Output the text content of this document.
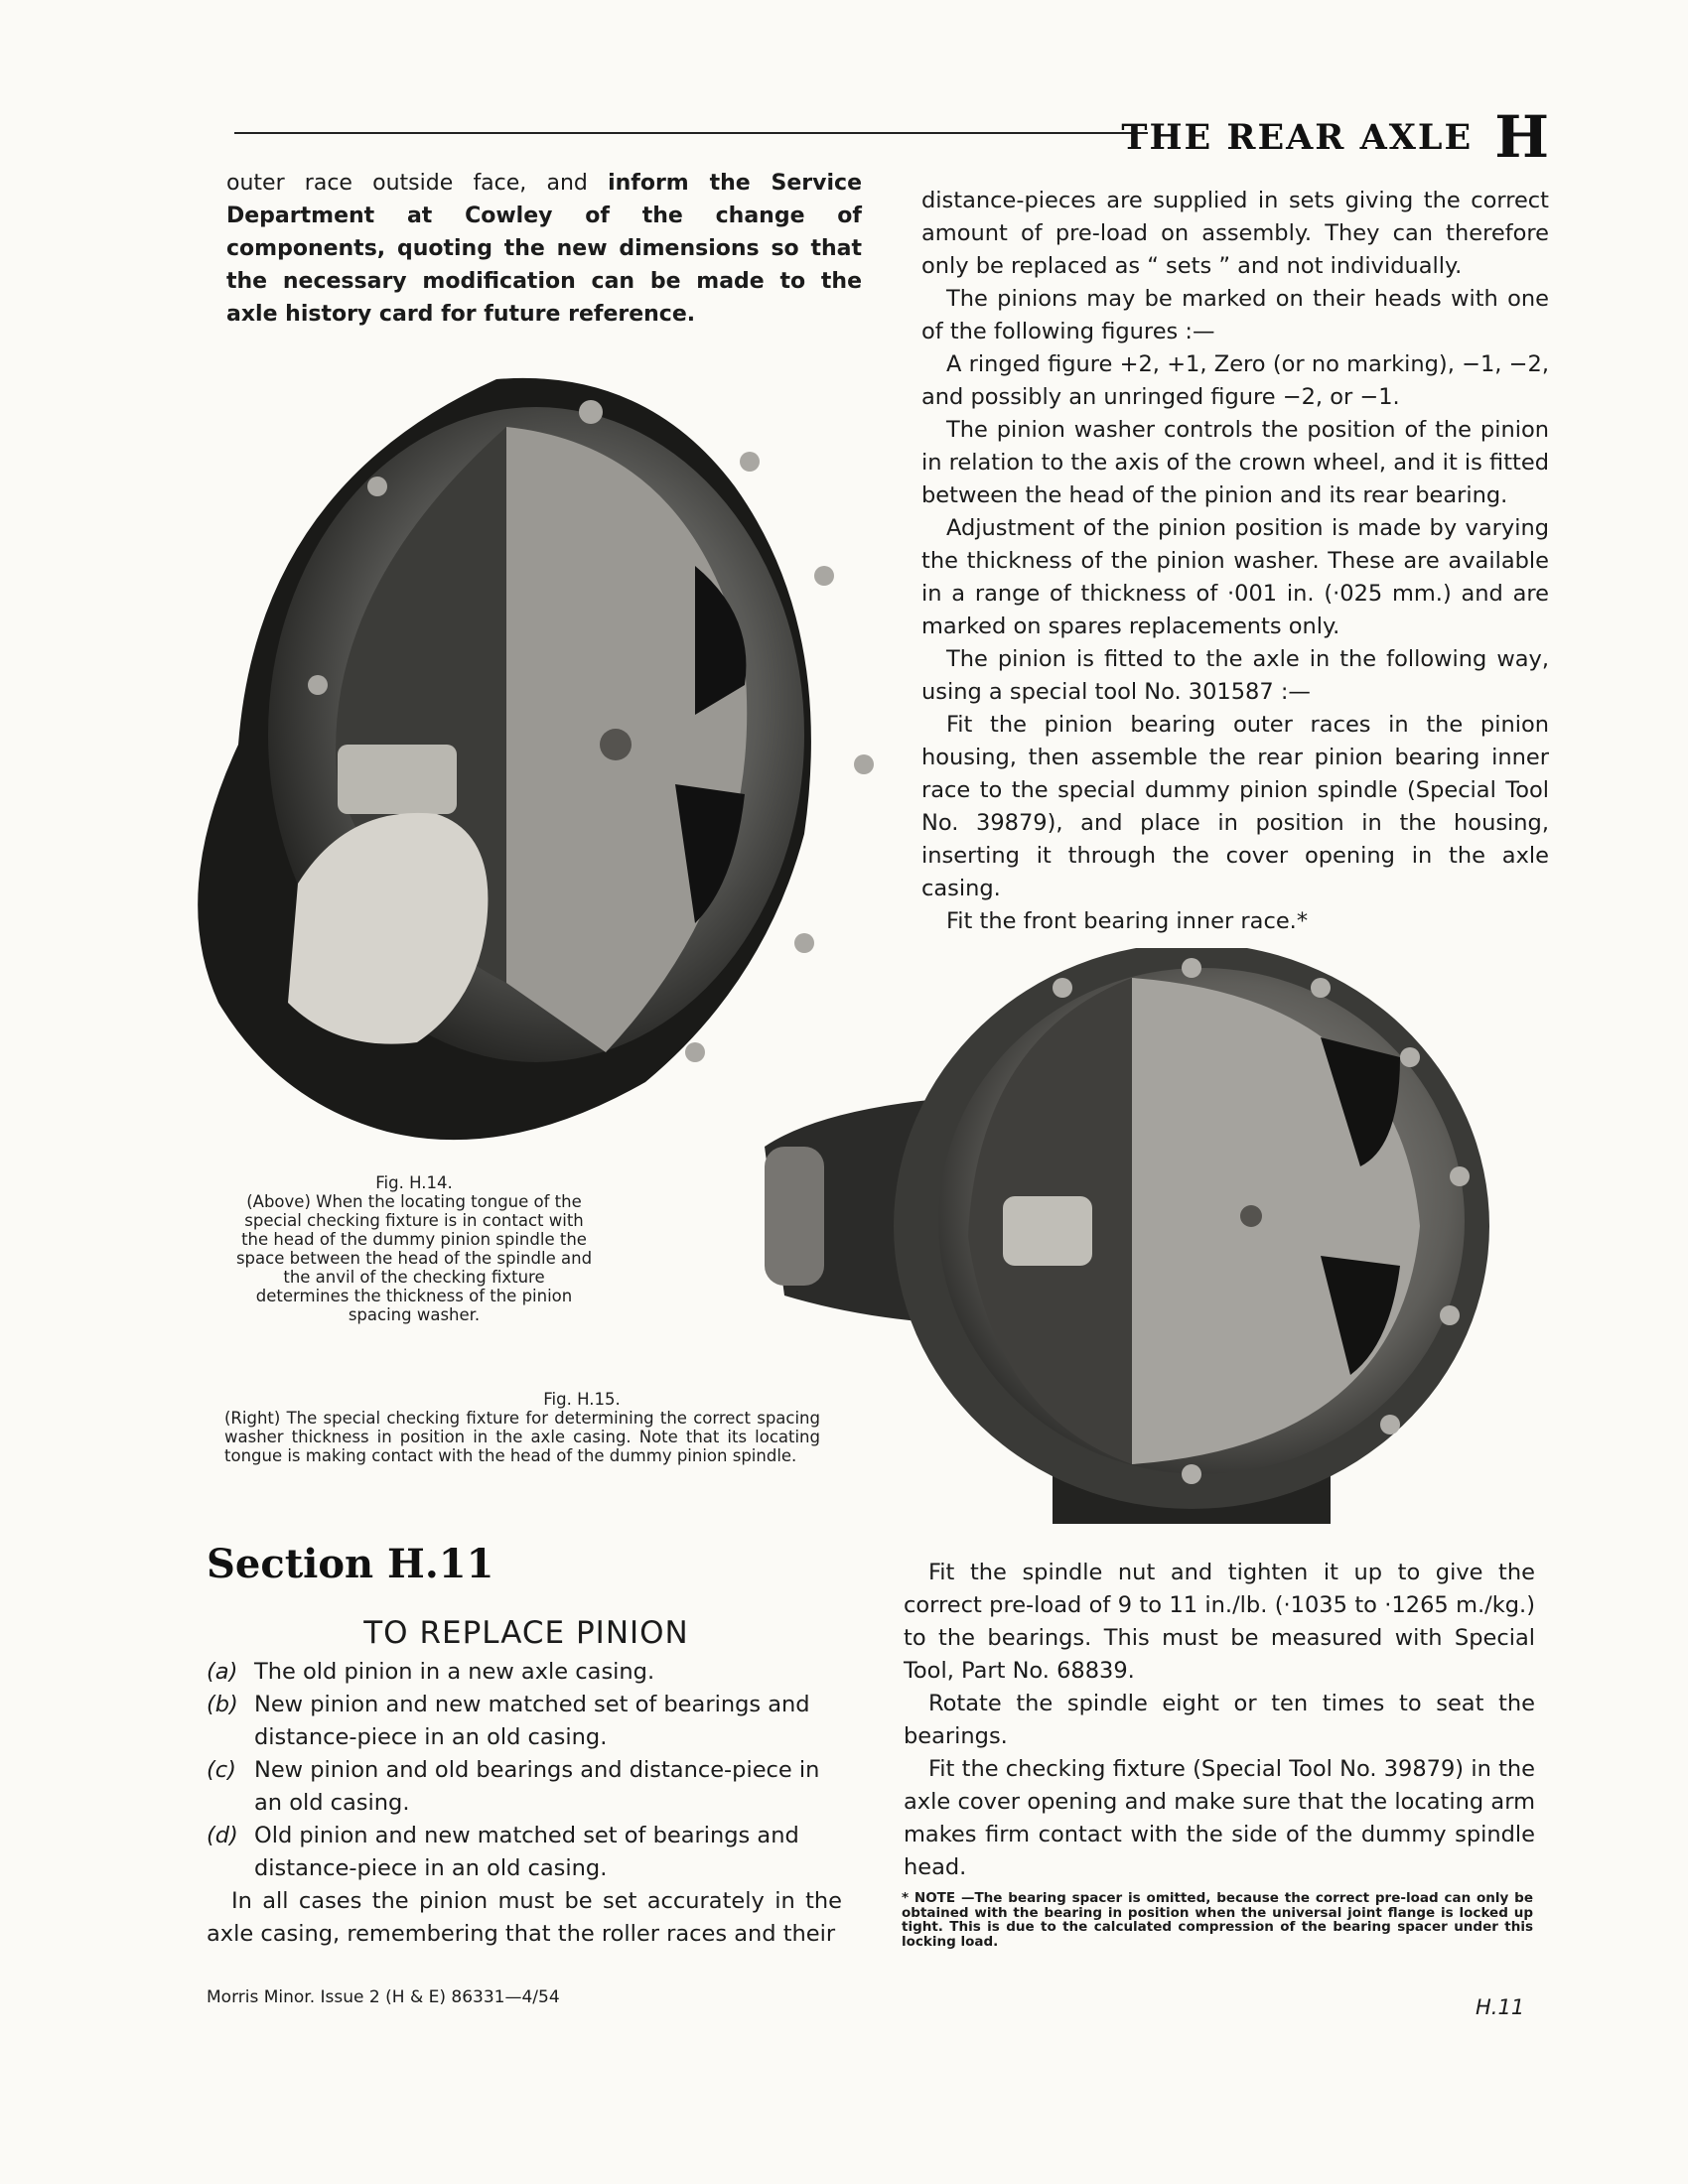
THE REAR AXLE H

outer race outside face, and inform the Service Department at Cowley of the change of components, quoting the new dimensions so that the necessary modification can be made to the axle history card for future reference.

distance-pieces are supplied in sets giving the correct amount of pre-load on assembly. They can therefore only be replaced as “ sets ” and not individually.

The pinions may be marked on their heads with one of the following figures :—

A ringed figure +2, +1, Zero (or no marking), −1, −2, and possibly an unringed figure −2, or −1.

The pinion washer controls the position of the pinion in relation to the axis of the crown wheel, and it is fitted between the head of the pinion and its rear bearing.

Adjustment of the pinion position is made by varying the thickness of the pinion washer. These are available in a range of thickness of ·001 in. (·025 mm.) and are marked on spares replacements only.

The pinion is fitted to the axle in the following way, using a special tool No. 301587 :—

Fit the pinion bearing outer races in the pinion housing, then assemble the rear pinion bearing inner race to the special dummy pinion spindle (Special Tool No. 39879), and place in position in the housing, inserting it through the cover opening in the axle casing.

Fit the front bearing inner race.*

Fig. H.14.
(Above) When the locating tongue of the special checking fixture is in contact with the head of the dummy pinion spindle the space between the head of the spindle and the anvil of the checking fixture determines the thickness of the pinion spacing washer.
Fig. H.15.
(Right) The special checking fixture for determining the correct spacing washer thickness in position in the axle casing. Note that its locating tongue is making contact with the head of the dummy pinion spindle.
Section H.11
TO REPLACE PINION
(a) The old pinion in a new axle casing.
(b) New pinion and new matched set of bearings and distance-piece in an old casing.
(c) New pinion and old bearings and distance-piece in an old casing.
(d) Old pinion and new matched set of bearings and distance-piece in an old casing.

In all cases the pinion must be set accurately in the axle casing, remembering that the roller races and their

Fit the spindle nut and tighten it up to give the correct pre-load of 9 to 11 in./lb. (·1035 to ·1265 m./kg.) to the bearings. This must be measured with Special Tool, Part No. 68839.

Rotate the spindle eight or ten times to seat the bearings.

Fit the checking fixture (Special Tool No. 39879) in the axle cover opening and make sure that the locating arm makes firm contact with the side of the dummy spindle head.

* NOTE —The bearing spacer is omitted, because the correct pre-load can only be obtained with the bearing in position when the universal joint flange is locked up tight. This is due to the calculated compression of the bearing spacer under this locking load.
Morris Minor. Issue 2 (H & E) 86331—4/54	H.11
